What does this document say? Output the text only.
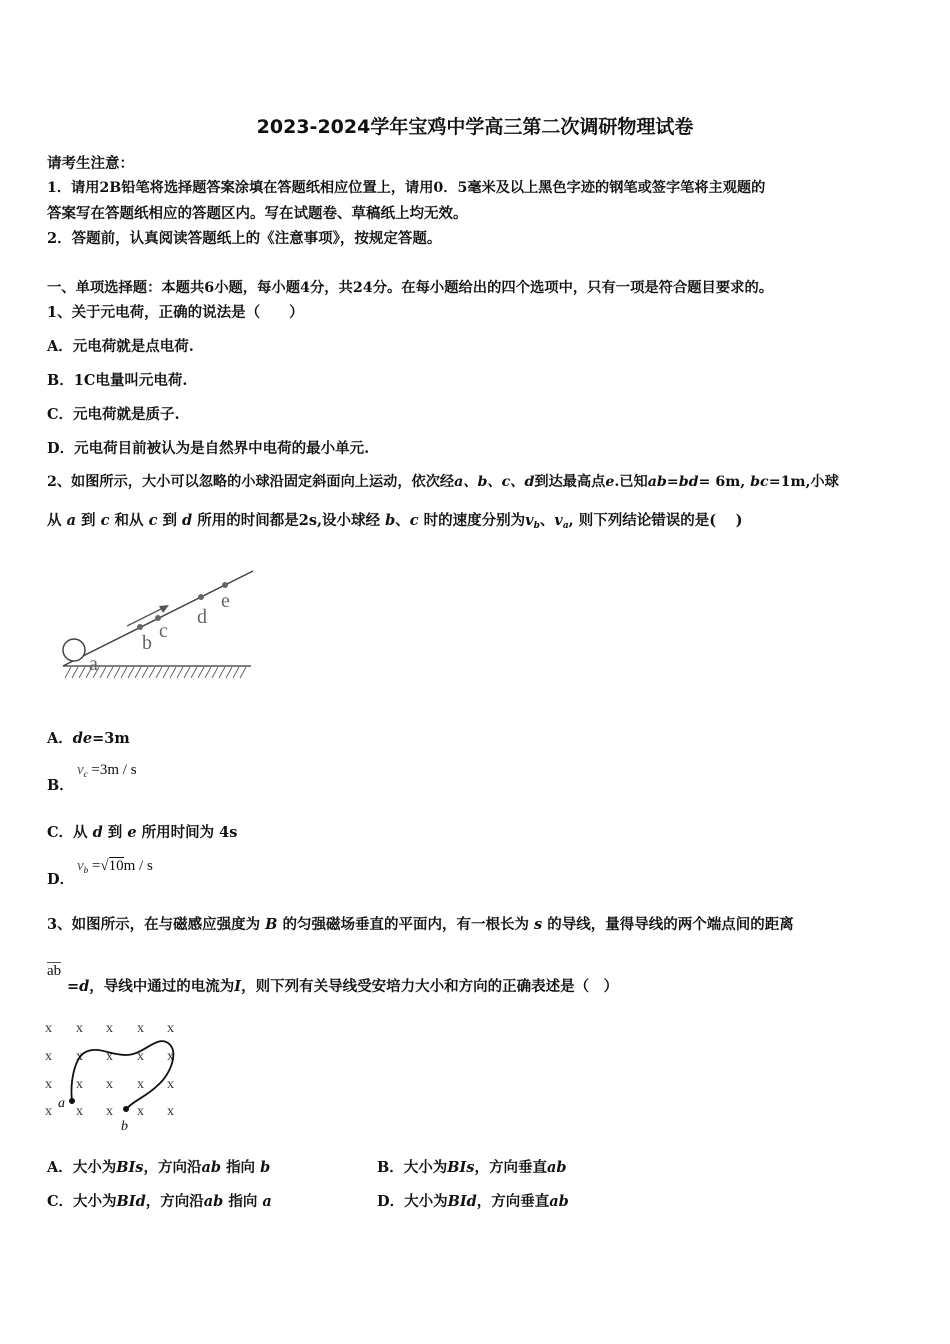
2023-2024学年宝鸡中学高三第二次调研物理试卷
请考生注意：
1．请用2B铅笔将选择题答案涂填在答题纸相应位置上，请用0．5毫米及以上黑色字迹的钢笔或签字笔将主观题的
答案写在答题纸相应的答题区内。写在试题卷、草稿纸上均无效。
2．答题前，认真阅读答题纸上的《注意事项》，按规定答题。
一、单项选择题：本题共6小题，每小题4分，共24分。在每小题给出的四个选项中，只有一项是符合题目要求的。
1、关于元电荷，正确的说法是（　　）
A．元电荷就是点电荷.
B．1C电量叫元电荷.
C．元电荷就是质子.
D．元电荷目前被认为是自然界中电荷的最小单元.
2、如图所示，大小可以忽略的小球沿固定斜面向上运动，依次经a、b、c、d到达最高点e.已知ab=bd= 6m, bc=1m,小球
从 a 到 c 和从 c 到 d 所用的时间都是2s,设小球经 b、c 时的速度分别为$v_b$、$v_a$, 则下列结论错误的是(　 )
a
b
c
d
e
A．de=3m
B．
$v_c =3m / s$
C．从 d 到 e 所用时间为 4s
D．
$v_b =√10m / s$
3、如图所示，在与磁感应强度为 B 的匀强磁场垂直的平面内，有一根长为 s 的导线，量得导线的两个端点间的距离
ab
=d，导线中通过的电流为I，则下列有关导线受安培力大小和方向的正确表述是（　）
x x x x x
x x x x x
x x x x x
x x x x x
a
b
A．大小为BIs，方向沿ab 指向 b	B．大小为BIs，方向垂直ab
C．大小为BId，方向沿ab 指向 a	D．大小为BId，方向垂直ab
